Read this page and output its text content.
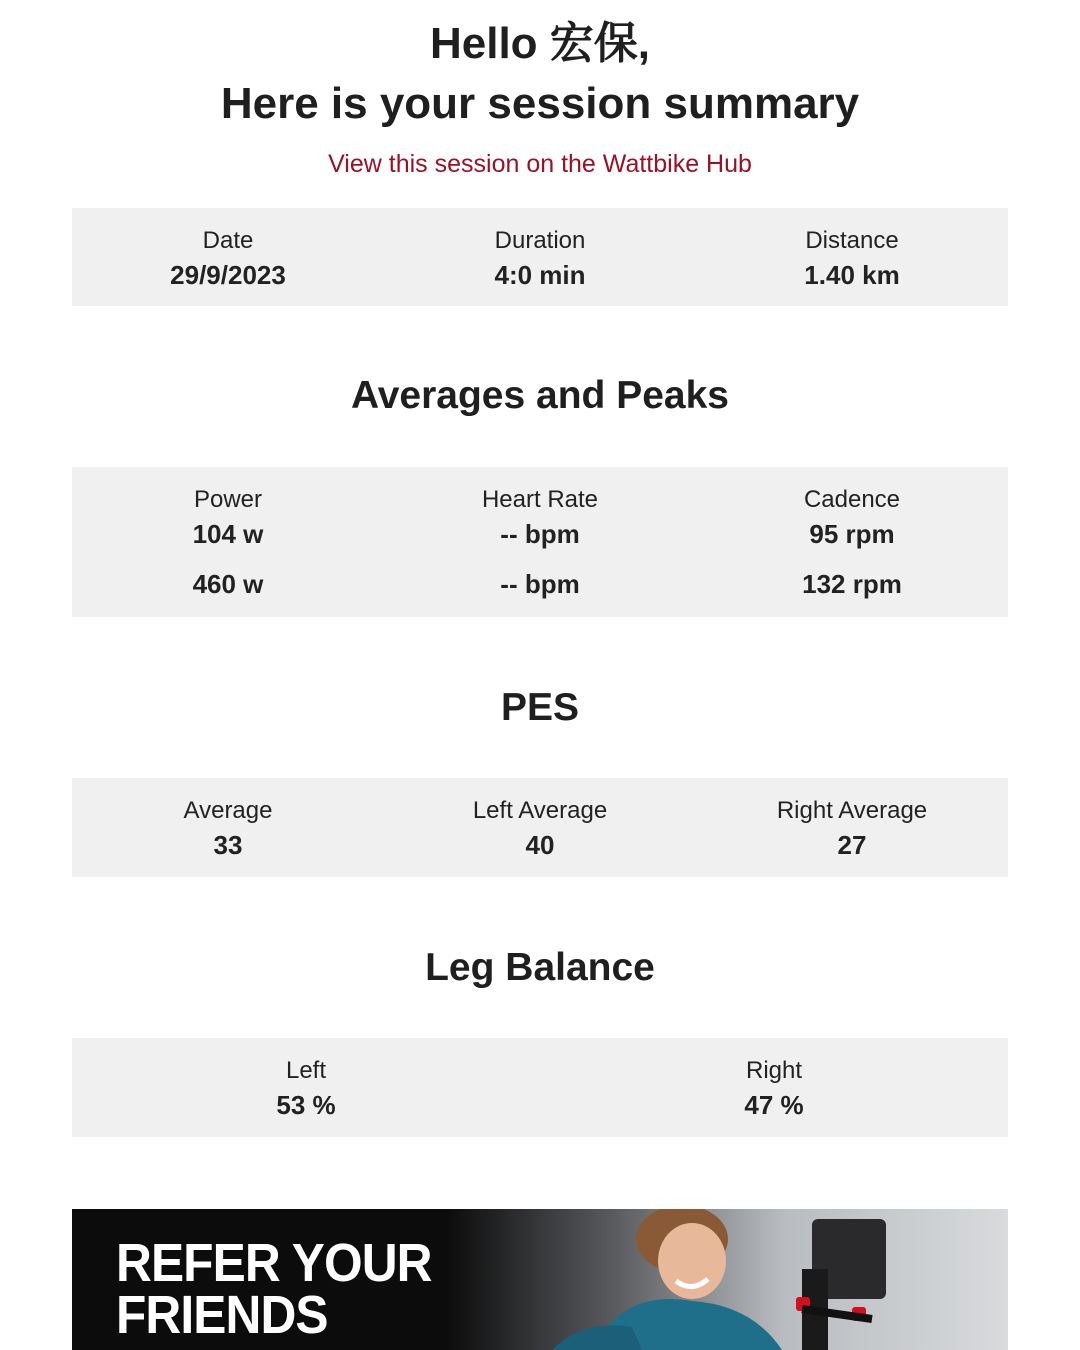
Hello 宏保,
Here is your session summary
View this session on the Wattbike Hub
Date
29/9/2023
Duration
4:0 min
Distance
1.40 km
Averages and Peaks
Power
104 w
460 w
Heart Rate
-- bpm
-- bpm
Cadence
95 rpm
132 rpm
PES
Average
33
Left Average
40
Right Average
27
Leg Balance
Left
53 %
Right
47 %
REFER YOUR
FRIENDS
